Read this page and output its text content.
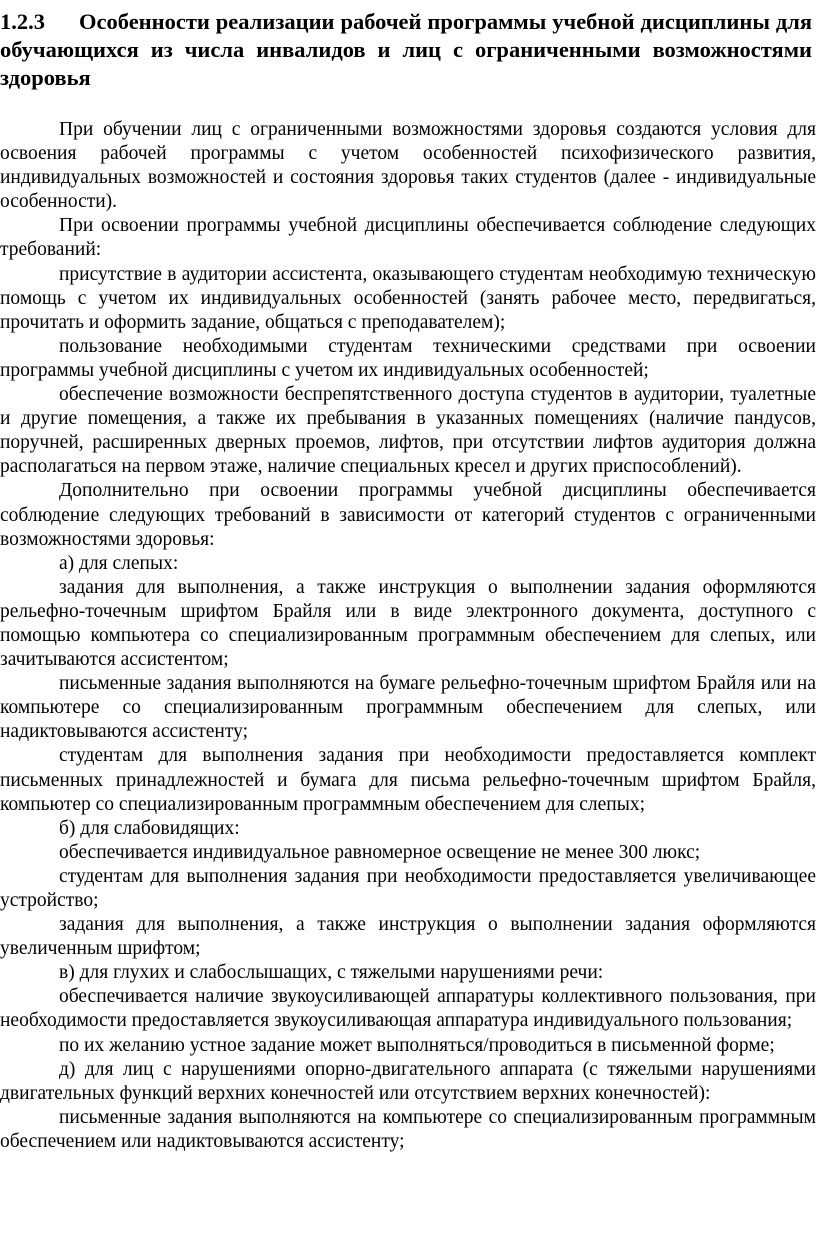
1.2.3 Особенности реализации рабочей программы учебной дисциплины для обучающихся из числа инвалидов и лиц с ограниченными возможностями здоровья

При обучении лиц с ограниченными возможностями здоровья создаются условия для освоения рабочей программы с учетом особенностей психофизического развития, индивидуальных возможностей и состояния здоровья таких студентов (далее - индивидуальные особенности).

При освоении программы учебной дисциплины обеспечивается соблюдение следующих требований:

присутствие в аудитории ассистента, оказывающего студентам необходимую техническую помощь с учетом их индивидуальных особенностей (занять рабочее место, передвигаться, прочитать и оформить задание, общаться с преподавателем);

пользование необходимыми студентам техническими средствами при освоении программы учебной дисциплины с учетом их индивидуальных особенностей;

обеспечение возможности беспрепятственного доступа студентов в аудитории, туалетные и другие помещения, а также их пребывания в указанных помещениях (наличие пандусов, поручней, расширенных дверных проемов, лифтов, при отсутствии лифтов аудитория должна располагаться на первом этаже, наличие специальных кресел и других приспособлений).

Дополнительно при освоении программы учебной дисциплины обеспечивается соблюдение следующих требований в зависимости от категорий студентов с ограниченными возможностями здоровья:

а) для слепых:

задания для выполнения, а также инструкция о выполнении задания оформляются рельефно-точечным шрифтом Брайля или в виде электронного документа, доступного с помощью компьютера со специализированным программным обеспечением для слепых, или зачитываются ассистентом;

письменные задания выполняются на бумаге рельефно-точечным шрифтом Брайля или на компьютере со специализированным программным обеспечением для слепых, или надиктовываются ассистенту;

студентам для выполнения задания при необходимости предоставляется комплект письменных принадлежностей и бумага для письма рельефно-точечным шрифтом Брайля, компьютер со специализированным программным обеспечением для слепых;

б) для слабовидящих:

обеспечивается индивидуальное равномерное освещение не менее 300 люкс;

студентам для выполнения задания при необходимости предоставляется увеличивающее устройство;

задания для выполнения, а также инструкция о выполнении задания оформляются увеличенным шрифтом;

в) для глухих и слабослышащих, с тяжелыми нарушениями речи:

обеспечивается наличие звукоусиливающей аппаратуры коллективного пользования, при необходимости предоставляется звукоусиливающая аппаратура индивидуального пользования;

по их желанию устное задание может выполняться/проводиться в письменной форме;

д) для лиц с нарушениями опорно-двигательного аппарата (с тяжелыми нарушениями двигательных функций верхних конечностей или отсутствием верхних конечностей):

письменные задания выполняются на компьютере со специализированным программным обеспечением или надиктовываются ассистенту;
